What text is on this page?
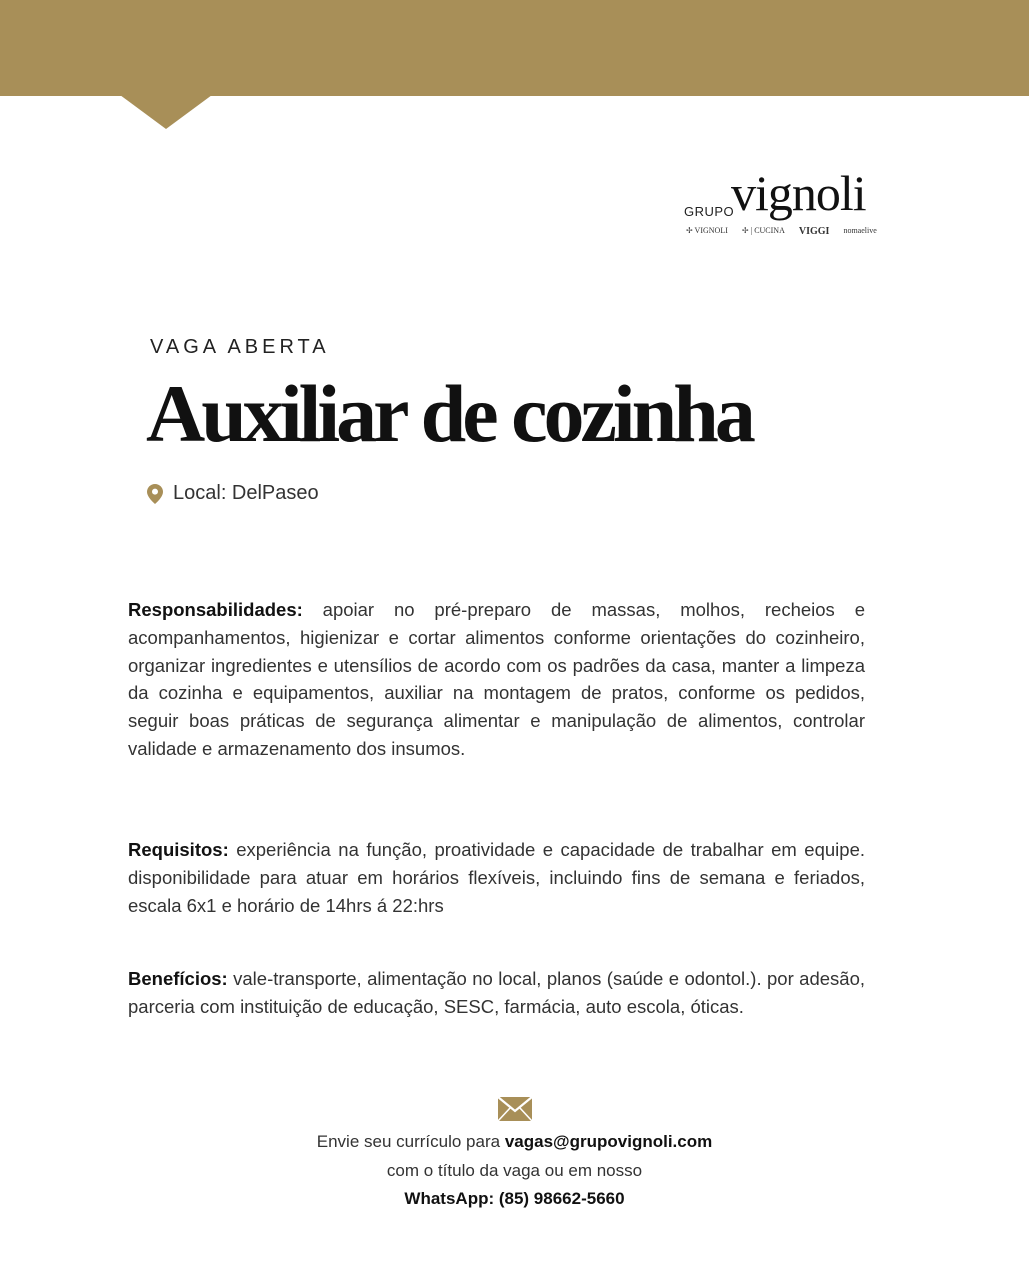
GRUPO
vignoli
✢ VIGNOLI ✢ | CUCINA VIGGI nomaelive
VAGA ABERTA
Auxiliar de cozinha
Local: DelPaseo
Responsabilidades: apoiar no pré-preparo de massas, molhos, recheios e acompanhamentos, higienizar e cortar alimentos conforme orientações do cozinheiro, organizar ingredientes e utensílios de acordo com os padrões da casa, manter a limpeza da cozinha e equipamentos, auxiliar na montagem de pratos, conforme os pedidos, seguir boas práticas de segurança alimentar e manipulação de alimentos, controlar validade e armazenamento dos insumos.
Requisitos: experiência na função, proatividade e capacidade de trabalhar em equipe. disponibilidade para atuar em horários flexíveis, incluindo fins de semana e feriados, escala 6x1 e horário de 14hrs á 22:hrs
Benefícios: vale-transporte, alimentação no local, planos (saúde e odontol.). por adesão, parceria com instituição de educação, SESC, farmácia, auto escola, óticas.
Envie seu currículo para vagas@grupovignoli.com
com o título da vaga ou em nosso
WhatsApp: (85) 98662-5660
